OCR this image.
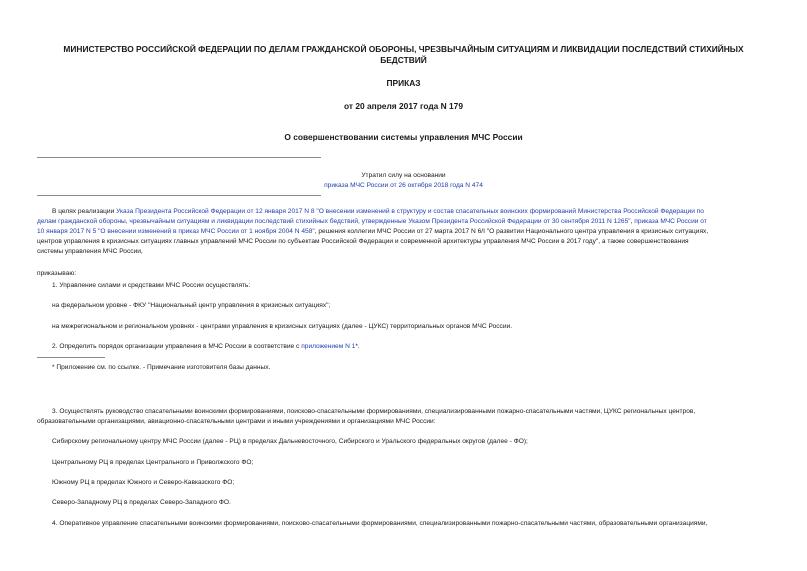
МИНИСТЕРСТВО РОССИЙСКОЙ ФЕДЕРАЦИИ ПО ДЕЛАМ ГРАЖДАНСКОЙ ОБОРОНЫ, ЧРЕЗВЫЧАЙНЫМ СИТУАЦИЯМ И ЛИКВИДАЦИИ ПОСЛЕДСТВИЙ СТИХИЙНЫХ
БЕДСТВИЙ
ПРИКАЗ
от 20 апреля 2017 года N 179
О совершенствовании системы управления МЧС России
Утратил силу на основании
приказа МЧС России от 26 октября 2018 года N 474
В целях реализации Указа Президента Российской Федерации от 12 января 2017 N 8 "О внесении изменений в структуру и состав спасательных воинских формирований Министерства Российской Федерации по
делам гражданской обороны, чрезвычайным ситуациям и ликвидации последствий стихийных бедствий, утвержденные Указом Президента Российской Федерации от 30 сентября 2011 N 1265", приказа МЧС России от
10 января 2017 N 5 "О внесении изменений в приказ МЧС России от 1 ноября 2004 N 458", решения коллегии МЧС России от 27 марта 2017 N 6/I "О развитии Национального центра управления в кризисных ситуациях,
центров управления в кризисных ситуациях главных управлений МЧС России по субъектам Российской Федерации и современной архитектуры управления МЧС России в 2017 году", а также совершенствования
системы управления МЧС России,
приказываю:
1. Управление силами и средствами МЧС России осуществлять:
на федеральном уровне - ФКУ "Национальный центр управления в кризисных ситуациях";
на межрегиональном и региональном уровнях - центрами управления в кризисных ситуациях (далее - ЦУКС) территориальных органов МЧС России.
2. Определить порядок организации управления в МЧС России в соответствие с приложением N 1*.
* Приложение см. по ссылке. - Примечание изготовителя базы данных.
3. Осуществлять руководство спасательными воинскими формированиями, поисково-спасательными формированиями, специализированными пожарно-спасательными частями, ЦУКС региональных центров,
образовательными организациями, авиационно-спасательными центрами и иными учреждениями и организациями МЧС России:
Сибирскому региональному центру МЧС России (далее - РЦ) в пределах Дальневосточного, Сибирского и Уральского федеральных округов (далее - ФО);
Центральному РЦ в пределах Центрального и Приволжского ФО;
Южному РЦ в пределах Южного и Северо-Кавказского ФО;
Северо-Западному РЦ в пределах Северо-Западного ФО.
4. Оперативное управление спасательными воинскими формированиями, поисково-спасательными формированиями, специализированными пожарно-спасательными частями, образовательными организациями,
